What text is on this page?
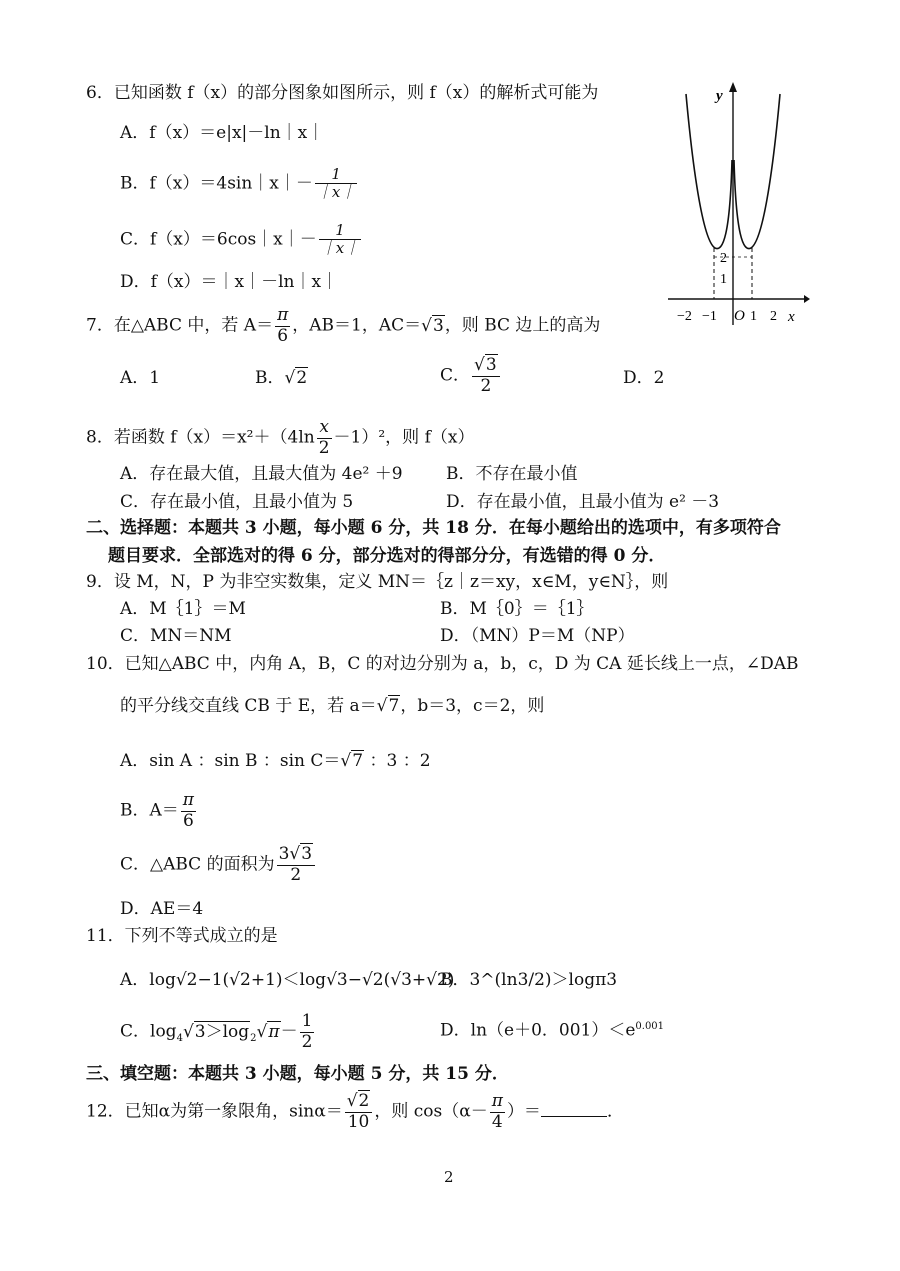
6．已知函数 f（x）的部分图象如图所示，则 f（x）的解析式可能为
A．f（x）＝e|x|－ln｜x｜
B．f（x）＝4sin｜x｜－ $\frac{1}{|x|}$
C．f（x）＝6cos｜x｜－ $\frac{1}{|x|}$
D．f（x）＝｜x｜－ln｜x｜
y
x
O
−2 −1 1 2
2
1
7．在△ABC 中，若 $A= \frac{\pi}{6}$ ，AB＝1，AC＝√3，则 BC 边上的高为
A．1	B．√2	C． $\frac{√3}{2}$	D．2
8．若函数 $f(x)=x^2+(4\ln \frac{x}{2} -1)^2$，则 f（x）
A．存在最大值，且最大值为 4e² ＋9	B．不存在最小值
C．存在最小值，且最小值为 5	D．存在最小值，且最小值为 e² －3
二、选择题：本题共 3 小题，每小题 6 分，共 18 分．在每小题给出的选项中，有多项符合
题目要求．全部选对的得 6 分，部分选对的得部分分，有选错的得 0 分．
9．设 M，N，P 为非空实数集，定义 MN＝｛z｜z＝xy，x∈M，y∈N｝，则
A．M｛1｝＝M	B．M｛0｝＝｛1｝
C．MN＝NM	D．（MN）P＝M（NP）
10．已知△ABC 中，内角 A，B，C 的对边分别为 a，b，c，D 为 CA 延长线上一点，∠DAB
的平分线交直线 CB 于 E，若 a＝√7，b＝3，c＝2，则
A．sin A ：sin B ：sin C＝√7 ：3 ：2
B．$A= \frac{\pi}{6}$
C．△ABC 的面积为 $\frac{3√3}{2}$
D．AE＝4
11．下列不等式成立的是
A．log√2−1(√2+1)＜log√3−√2(√3+√2)
B．3^(ln3/2)＞logπ3
C．$\log_4√3>\log_2√\pi- \frac{1}{2}$	D．ln（e＋0．$001)<e^{0.001}$
三、填空题：本题共 3 小题，每小题 5 分，共 15 分．
12．已知α为第一象限角，$\sin\alpha= \frac{√2}{10}$ ，则 $\cos(\alpha- \frac{\pi}{4}$ ）＝	．
2
